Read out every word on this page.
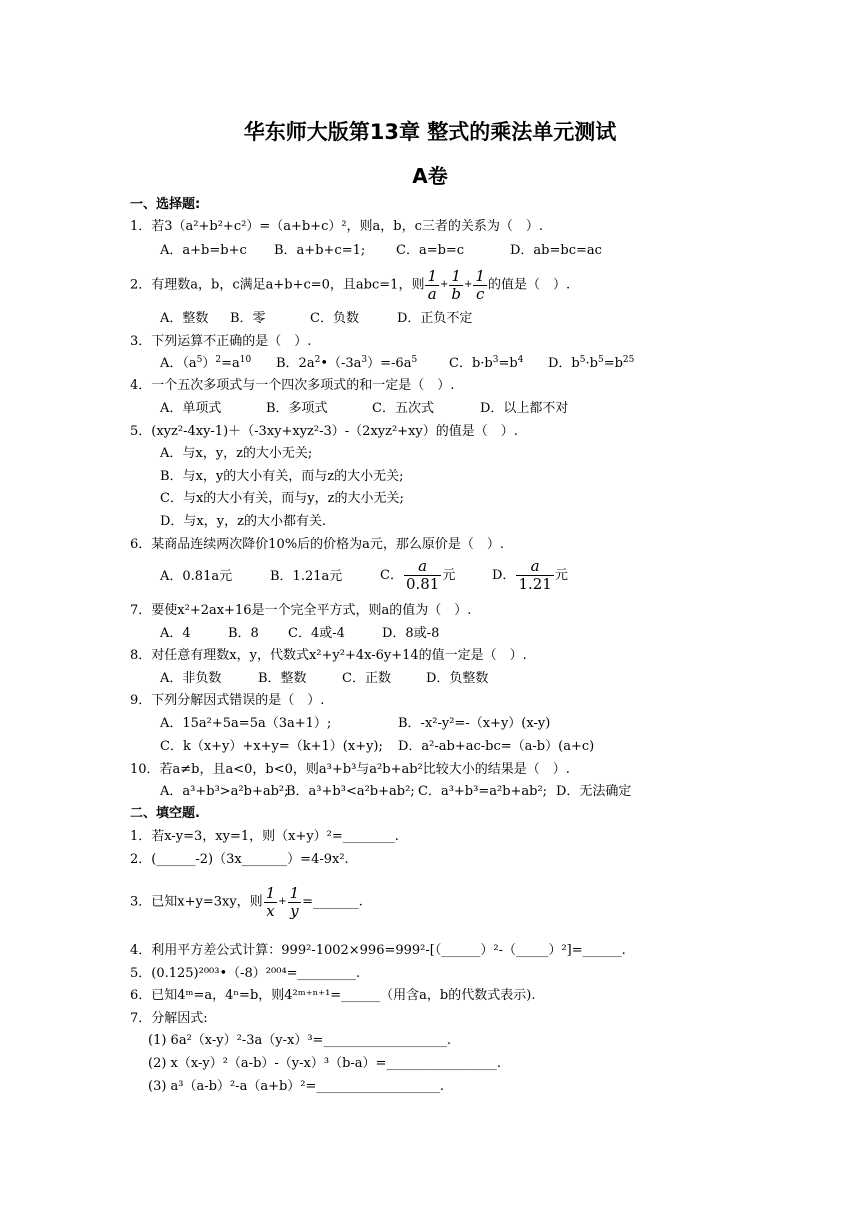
华东师大版第13章 整式的乘法单元测试
A卷
一、选择题:
1．若3（a²+b²+c²）=（a+b+c）²，则a，b，c三者的关系为（　）.
A．a+b=b+c B．a+b+c=1; C．a=b=c	D．ab=bc=ac
2．有理数a，b，c满足a+b+c=0，且abc=1，则 $\frac{1}{a} + \frac{1}{b} + \frac{1}{c}$ 的值是（　）.
A．整数 B．零	C．负数	D．正负不定
3．下列运算不正确的是（　）.
A．$(a^5)^2=a^{10}$ B．$2a^2•(-3a^3)=-6a^5$ C．$b\cdot b^3=b^4$ D．$b^5\cdot b^5=b^{25}$
4．一个五次多项式与一个四次多项式的和一定是（　）.
A．单项式	B．多项式	C．五次式	D．以上都不对
5．(xyz²-4xy-1)＋（-3xy+xyz²-3）-（2xyz²+xy）的值是（　）.
A．与x，y，z的大小无关;
B．与x，y的大小有关，而与z的大小无关;
C．与x的大小有关，而与y，z的大小无关;
D．与x，y，z的大小都有关.
6．某商品连续两次降价10%后的价格为a元，那么原价是（　）.
A．0.81a元	B．1.21a元	C． $\frac{a}{0.81}$ 元	D． $\frac{a}{1.21}$ 元
7．要使x²+2ax+16是一个完全平方式，则a的值为（　）.
A．4	B．8 C．4或-4	D．8或-8
8．对任意有理数x，y，代数式x²+y²+4x-6y+14的值一定是（　）.
A．非负数	B．整数	C．正数	D．负整数
9．下列分解因式错误的是（　）.
A．15a²+5a=5a（3a+1）;	B．-x²-y²=-（x+y）(x-y)
C．k（x+y）+x+y=（k+1）(x+y); D．a²-ab+ac-bc=（a-b）(a+c)
10．若a≠b，且a<0，b<0，则a³+b³与a²b+ab²比较大小的结果是（　）.
A．a³+b³>a²b+ab²;
B．a³+b³<a²b+ab²; C．a³+b³=a²b+ab²; D．无法确定
二、填空题.
1．若x-y=3，xy=1，则（x+y）²=________.
2．(______-2)（3x_______）=4-9x².
3．已知x+y=3xy，则 $\frac{1}{x} + \frac{1}{y}$ =_______.
4．利用平方差公式计算：999²-1002×996=999²-[（______）²-（_____）²]=______.
5．(0.125)²⁰⁰³•（-8）²⁰⁰⁴=_________.
6．已知4ᵐ=a，4ⁿ=b，则4²ᵐ⁺ⁿ⁺¹=______（用含a，b的代数式表示).
7．分解因式:
(1) 6a²（x-y）²-3a（y-x）³=___________________.
(2) x（x-y）²（a-b）-（y-x）³（b-a）=_________________.
(3) a³（a-b）²-a（a+b）²=___________________.
